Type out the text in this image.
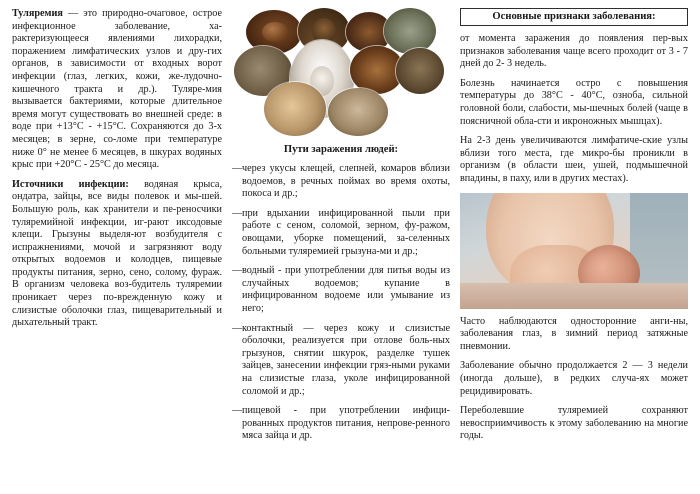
Туляремия — это природно-очаговое, острое инфекционное заболевание, ха-рактеризующееся явлениями лихорадки, поражением лимфатических узлов и дру-гих органов, в зависимости от входных ворот инфекции (глаз, легких, кожи, же-лудочно-кишечного тракта и др.). Туляре-мия вызывается бактериями, которые длительное время могут существовать во внешней среде: в воде при +13°С - +15°С. Сохраняются до 3-х месяцев; в зерне, со-ломе при температуре ниже 0° не менее 6 месяцев, в шкурах водяных крыс при +20°С - 25°С до месяца.

Источники инфекции: водяная крыса, ондатра, зайцы, все виды полевок и мы-шей. Большую роль, как хранители и пе-реносчики туляремийной инфекции, иг-рают иксодовые клещи. Грызуны выделя-ют возбудителя с испражнениями, мочой и загрязняют воду открытых водоемов и колодцев, пищевые продукты питания, зерно, сено, солому, фураж. В организм человека воз-будитель туляремии проникает через по-врежденную кожу и слизистые оболочки глаз, пищеварительный и дыхательный тракт.

Пути заражения людей:
— через укусы клещей, слепней, комаров вблизи водоемов, в речных поймах во время охоты, покоса и др.;
— при вдыхании инфицированной пыли при работе с сеном, соломой, зерном, фу-ражом, овощами, уборке помещений, за-селенных больными туляремией грызуна-ми и др.;
— водный - при употреблении для питья воды из случайных водоемов; купание в инфицированном водоеме или умывание из него;
— контактный — через кожу и слизистые оболочки, реализуется при отлове боль-ных грызунов, снятии шкурок, разделке тушек зайцев, занесении инфекции гряз-ными руками на слизистые глаза, уколе инфицированной соломой и др.;
— пищевой - при употреблении инфици-рованных продуктов питания, непрове-ренного мяса зайца и др.
Основные признаки заболевания:

от момента заражения до появления пер-вых признаков заболевания чаще всего проходит от 3 - 7 дней до 2- 3 недель.

Болезнь начинается остро с повышения температуры до 38°С - 40°С, озноба, сильной головной боли, слабости, мы-шечных болей (чаще в поясничной обла-сти и икроножных мышцах).

На 2-3 день увеличиваются лимфатиче-ские узлы вблизи того места, где микро-бы проникли в организм (в области шеи, ушей, подмышечной впадины, в паху, или в других местах).

Часто наблюдаются односторонние анги-ны, заболевания глаз, в зимний период затяжные пневмонии.

Заболевание обычно продолжается 2 — 3 недели (иногда дольше), в редких случа-ях может рецидивировать.

Перебoлевшие туляремией сохраняют невосприимчивость к этому заболеванию на многие годы.
